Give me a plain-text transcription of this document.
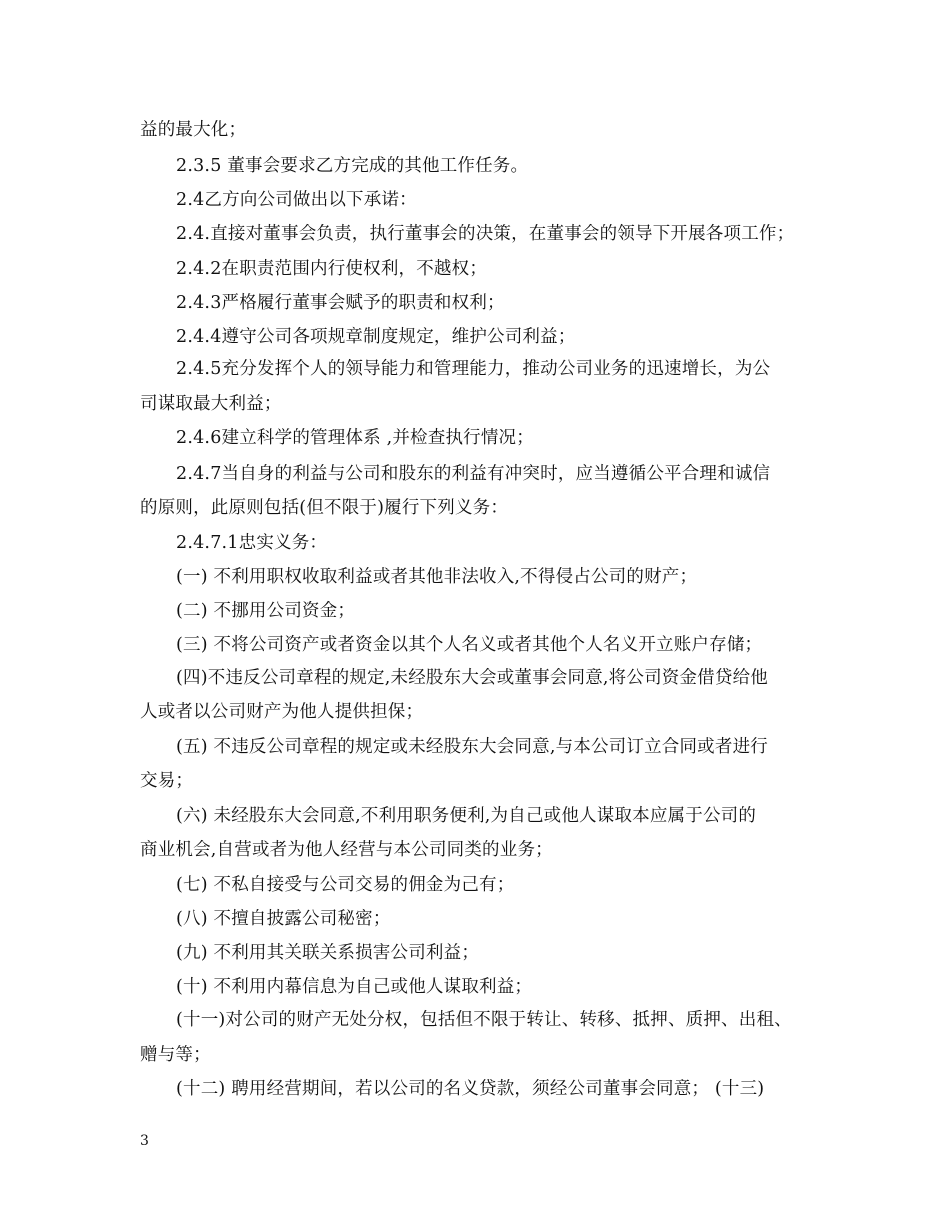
益的最大化；
2.3.5 董事会要求乙方完成的其他工作任务。
2.4乙方向公司做出以下承诺：
2.4.直接对董事会负责，执行董事会的决策，在董事会的领导下开展各项工作；
2.4.2在职责范围内行使权利，不越权；
2.4.3严格履行董事会赋予的职责和权利；
2.4.4遵守公司各项规章制度规定，维护公司利益；
2.4.5充分发挥个人的领导能力和管理能力，推动公司业务的迅速增长，为公
司谋取最大利益；
2.4.6建立科学的管理体系 ,并检查执行情况；
2.4.7当自身的利益与公司和股东的利益有冲突时，应当遵循公平合理和诚信
的原则，此原则包括(但不限于)履行下列义务：
2.4.7.1忠实义务：
(一) 不利用职权收取利益或者其他非法收入,不得侵占公司的财产；
(二) 不挪用公司资金；
(三) 不将公司资产或者资金以其个人名义或者其他个人名义开立账户存储；
(四)不违反公司章程的规定,未经股东大会或董事会同意,将公司资金借贷给他
人或者以公司财产为他人提供担保；
(五) 不违反公司章程的规定或未经股东大会同意,与本公司订立合同或者进行
交易；
(六) 未经股东大会同意,不利用职务便利,为自己或他人谋取本应属于公司的
商业机会,自营或者为他人经营与本公司同类的业务；
(七) 不私自接受与公司交易的佣金为己有；
(八) 不擅自披露公司秘密；
(九) 不利用其关联关系损害公司利益；
(十) 不利用内幕信息为自己或他人谋取利益；
(十一)对公司的财产无处分权，包括但不限于转让、转移、抵押、质押、出租、
赠与等；
(十二) 聘用经营期间，若以公司的名义贷款，须经公司董事会同意； (十三)
3
